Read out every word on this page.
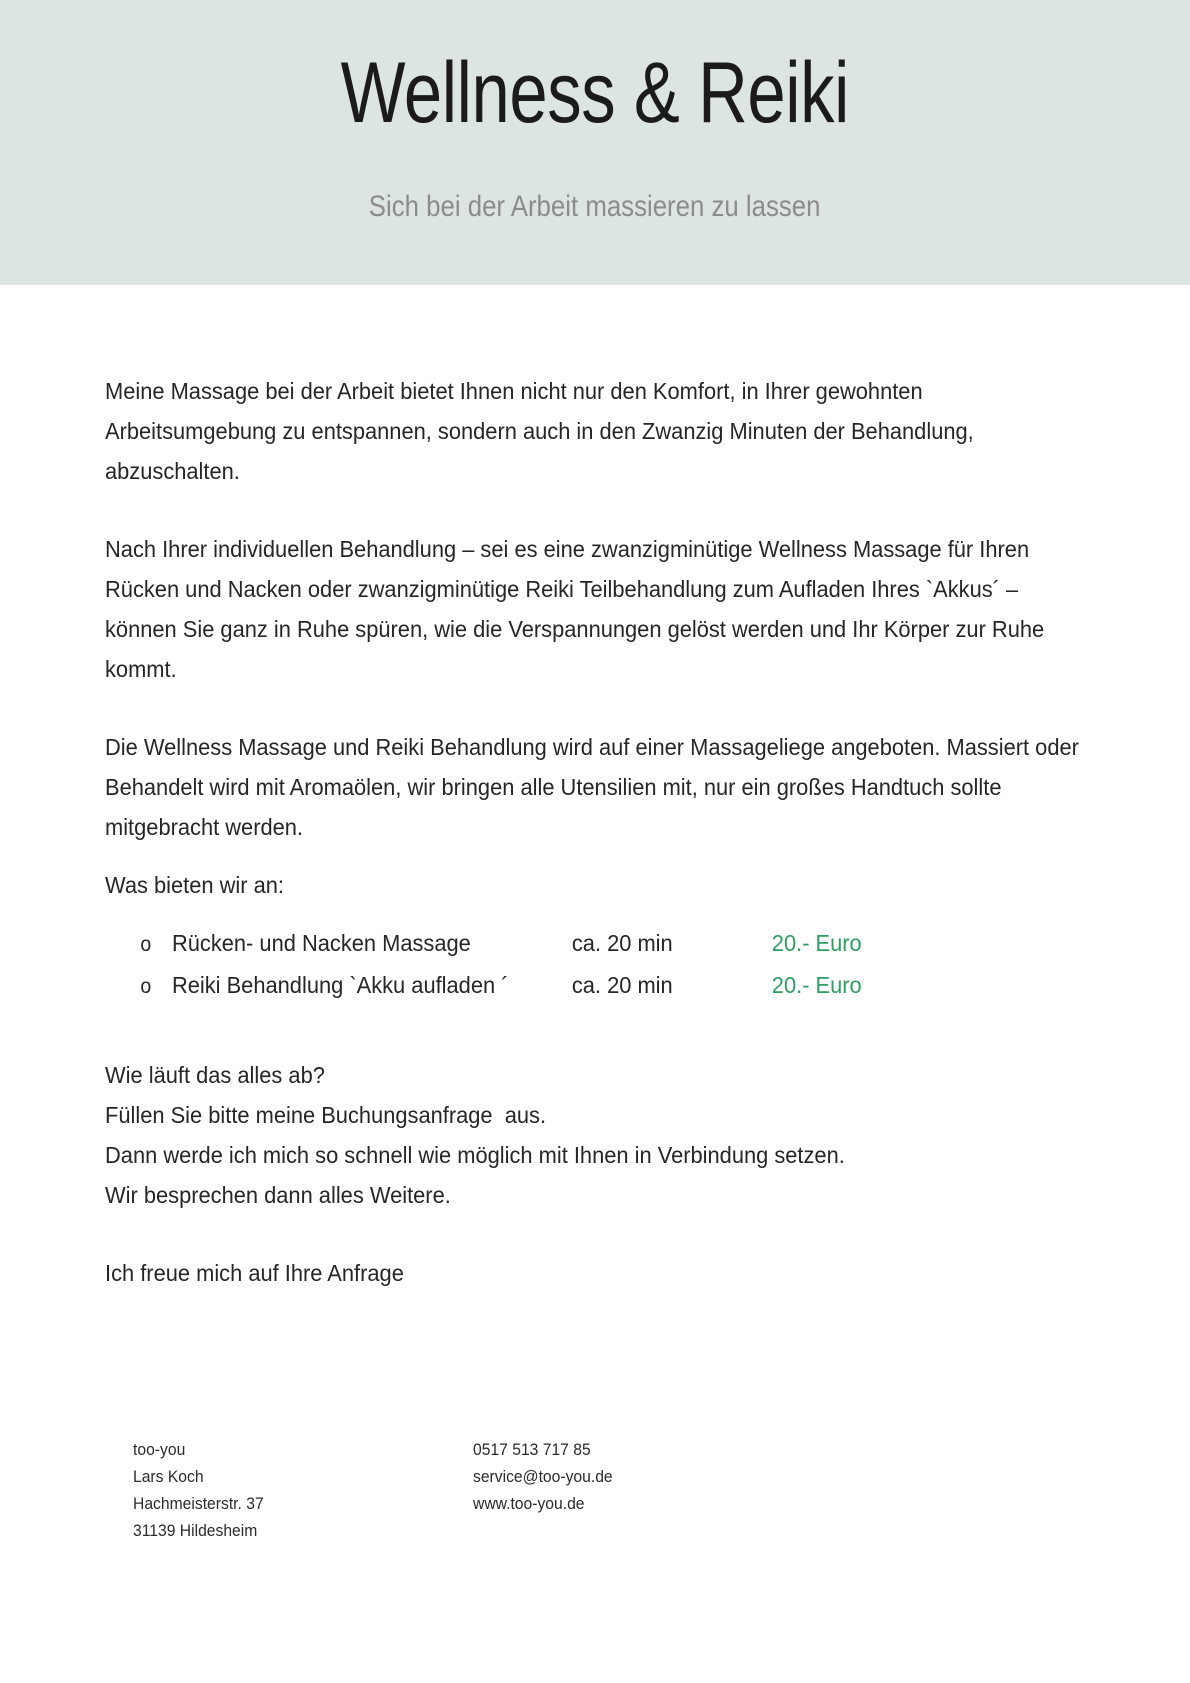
Wellness & Reiki

Sich bei der Arbeit massieren zu lassen

Meine Massage bei der Arbeit bietet Ihnen nicht nur den Komfort, in Ihrer gewohnten Arbeitsumgebung zu entspannen, sondern auch in den Zwanzig Minuten der Behandlung, abzuschalten.

Nach Ihrer individuellen Behandlung – sei es eine zwanzigminütige Wellness Massage für Ihren Rücken und Nacken oder zwanzigminütige Reiki Teilbehandlung zum Aufladen Ihres `Akkus´ – können Sie ganz in Ruhe spüren, wie die Verspannungen gelöst werden und Ihr Körper zur Ruhe kommt.

Die Wellness Massage und Reiki Behandlung wird auf einer Massageliege angeboten. Massiert oder Behandelt wird mit Aromaölen, wir bringen alle Utensilien mit, nur ein großes Handtuch sollte mitgebracht werden.

Was bieten wir an:

o Rücken- und Nacken Massage	ca. 20 min	20.- Euro
o Reiki Behandlung `Akku aufladen ´	ca. 20 min	20.- Euro

Wie läuft das alles ab?

Füllen Sie bitte meine Buchungsanfrage  aus.

Dann werde ich mich so schnell wie möglich mit Ihnen in Verbindung setzen.

Wir besprechen dann alles Weitere.

Ich freue mich auf Ihre Anfrage

too-you
Lars Koch
Hachmeisterstr. 37
31139 Hildesheim
0517 513 717 85
service@too-you.de
www.too-you.de
